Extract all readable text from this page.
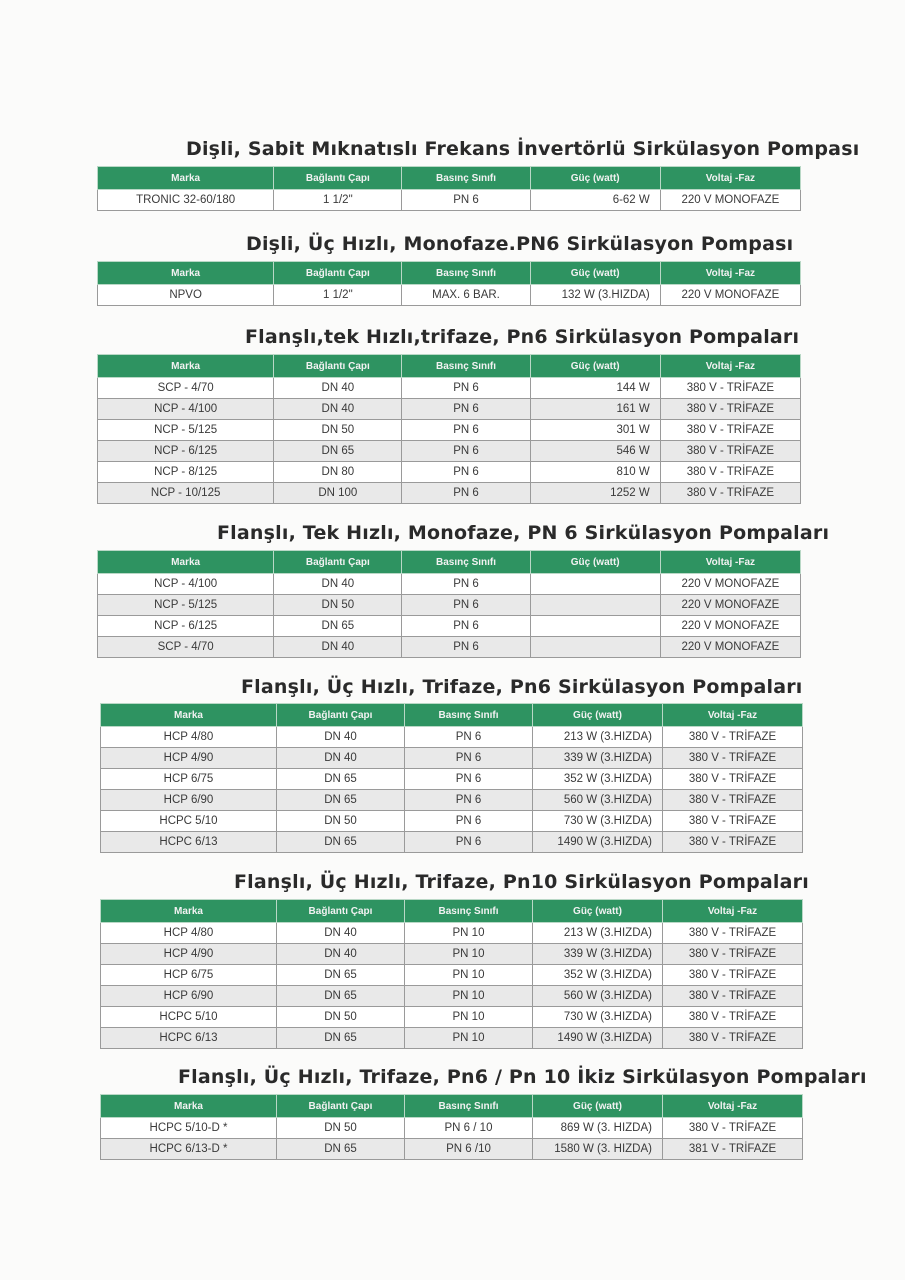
Dişli, Sabit Mıknatıslı Frekans İnvertörlü Sirkülasyon Pompası
Marka	Bağlantı Çapı	Basınç Sınıfı	Güç (watt)	Voltaj -Faz
TRONIC 32-60/180	1 1/2"	PN 6	6-62 W	220 V MONOFAZE
Dişli, Üç Hızlı, Monofaze.PN6 Sirkülasyon Pompası
Marka	Bağlantı Çapı	Basınç Sınıfı	Güç (watt)	Voltaj -Faz
NPVO	1 1/2"	MAX. 6 BAR.	132 W (3.HIZDA)	220 V MONOFAZE
Flanşlı,tek Hızlı,trifaze, Pn6 Sirkülasyon Pompaları
Marka	Bağlantı Çapı	Basınç Sınıfı	Güç (watt)	Voltaj -Faz
SCP - 4/70	DN 40	PN 6	144 W	380 V - TRİFAZE
NCP - 4/100	DN 40	PN 6	161 W	380 V - TRİFAZE
NCP - 5/125	DN 50	PN 6	301 W	380 V - TRİFAZE
NCP - 6/125	DN 65	PN 6	546 W	380 V - TRİFAZE
NCP - 8/125	DN 80	PN 6	810 W	380 V - TRİFAZE
NCP - 10/125	DN 100	PN 6	1252 W	380 V - TRİFAZE
Flanşlı, Tek Hızlı, Monofaze, PN 6 Sirkülasyon Pompaları
Marka	Bağlantı Çapı	Basınç Sınıfı	Güç (watt)	Voltaj -Faz
NCP - 4/100	DN 40	PN 6		220 V MONOFAZE
NCP - 5/125	DN 50	PN 6		220 V MONOFAZE
NCP - 6/125	DN 65	PN 6		220 V MONOFAZE
SCP - 4/70	DN 40	PN 6		220 V MONOFAZE
Flanşlı, Üç Hızlı, Trifaze, Pn6 Sirkülasyon Pompaları
Marka	Bağlantı Çapı	Basınç Sınıfı	Güç (watt)	Voltaj -Faz
HCP 4/80	DN 40	PN 6	213 W (3.HIZDA)	380 V - TRİFAZE
HCP 4/90	DN 40	PN 6	339 W (3.HIZDA)	380 V - TRİFAZE
HCP 6/75	DN 65	PN 6	352 W (3.HIZDA)	380 V - TRİFAZE
HCP 6/90	DN 65	PN 6	560 W (3.HIZDA)	380 V - TRİFAZE
HCPC 5/10	DN 50	PN 6	730 W (3.HIZDA)	380 V - TRİFAZE
HCPC 6/13	DN 65	PN 6	1490 W (3.HIZDA)	380 V - TRİFAZE
Flanşlı, Üç Hızlı, Trifaze, Pn10 Sirkülasyon Pompaları
Marka	Bağlantı Çapı	Basınç Sınıfı	Güç (watt)	Voltaj -Faz
HCP 4/80	DN 40	PN 10	213 W (3.HIZDA)	380 V - TRİFAZE
HCP 4/90	DN 40	PN 10	339 W (3.HIZDA)	380 V - TRİFAZE
HCP 6/75	DN 65	PN 10	352 W (3.HIZDA)	380 V - TRİFAZE
HCP 6/90	DN 65	PN 10	560 W (3.HIZDA)	380 V - TRİFAZE
HCPC 5/10	DN 50	PN 10	730 W (3.HIZDA)	380 V - TRİFAZE
HCPC 6/13	DN 65	PN 10	1490 W (3.HIZDA)	380 V - TRİFAZE
Flanşlı, Üç Hızlı, Trifaze, Pn6 / Pn 10 İkiz Sirkülasyon Pompaları
Marka	Bağlantı Çapı	Basınç Sınıfı	Güç (watt)	Voltaj -Faz
HCPC 5/10-D *	DN 50	PN 6 / 10	869 W (3. HIZDA)	380 V - TRİFAZE
HCPC 6/13-D *	DN 65	PN 6 /10	1580 W (3. HIZDA)	381 V - TRİFAZE
